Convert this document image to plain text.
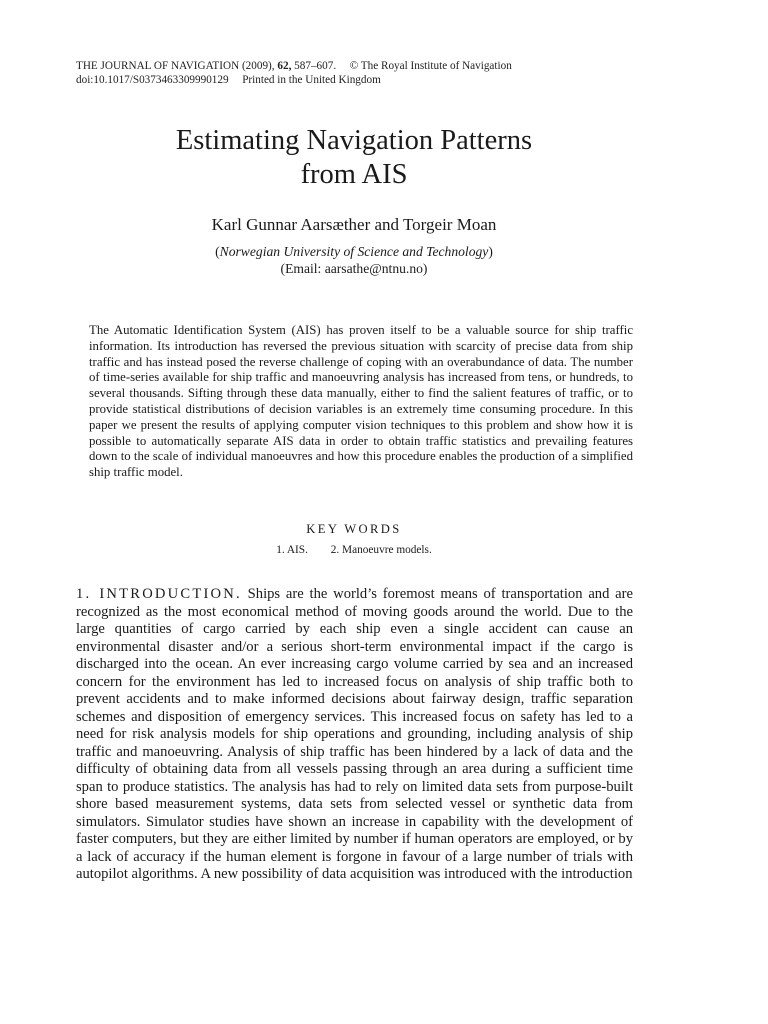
THE JOURNAL OF NAVIGATION (2009), 62, 587–607. © The Royal Institute of Navigation
doi:10.1017/S0373463309990129 Printed in the United Kingdom
Estimating Navigation Patterns
from AIS
Karl Gunnar Aarsæther and Torgeir Moan
(Norwegian University of Science and Technology)
(Email: aarsathe@ntnu.no)
The Automatic Identification System (AIS) has proven itself to be a valuable source for ship traffic information. Its introduction has reversed the previous situation with scarcity of precise data from ship traffic and has instead posed the reverse challenge of coping with an overabundance of data. The number of time-series available for ship traffic and manoeuvring analysis has increased from tens, or hundreds, to several thousands. Sifting through these data manually, either to find the salient features of traffic, or to provide statistical distributions of decision variables is an extremely time consuming procedure. In this paper we present the results of applying computer vision techniques to this problem and show how it is possible to automatically separate AIS data in order to obtain traffic statistics and prevailing features down to the scale of individual manoeuvres and how this procedure enables the production of a simplified ship traffic model.
KEY WORDS
1. AIS. 2. Manoeuvre models.
1. INTRODUCTION. Ships are the world’s foremost means of transportation and are recognized as the most economical method of moving goods around the world. Due to the large quantities of cargo carried by each ship even a single accident can cause an environmental disaster and/or a serious short-term environmental impact if the cargo is discharged into the ocean. An ever increasing cargo volume carried by sea and an increased concern for the environment has led to increased focus on analysis of ship traffic both to prevent accidents and to make informed decisions about fairway design, traffic separation schemes and disposition of emergency services. This increased focus on safety has led to a need for risk analysis models for ship operations and grounding, including analysis of ship traffic and manoeuvring. Analysis of ship traffic has been hindered by a lack of data and the difficulty of obtaining data from all vessels passing through an area during a sufficient time span to produce statistics. The analysis has had to rely on limited data sets from purpose-built shore based measurement systems, data sets from selected vessel or synthetic data from simulators. Simulator studies have shown an increase in capability with the development of faster computers, but they are either limited by number if human operators are employed, or by a lack of accuracy if the human element is forgone in favour of a large number of trials with autopilot algorithms. A new possibility of data acquisition was introduced with the introduction
